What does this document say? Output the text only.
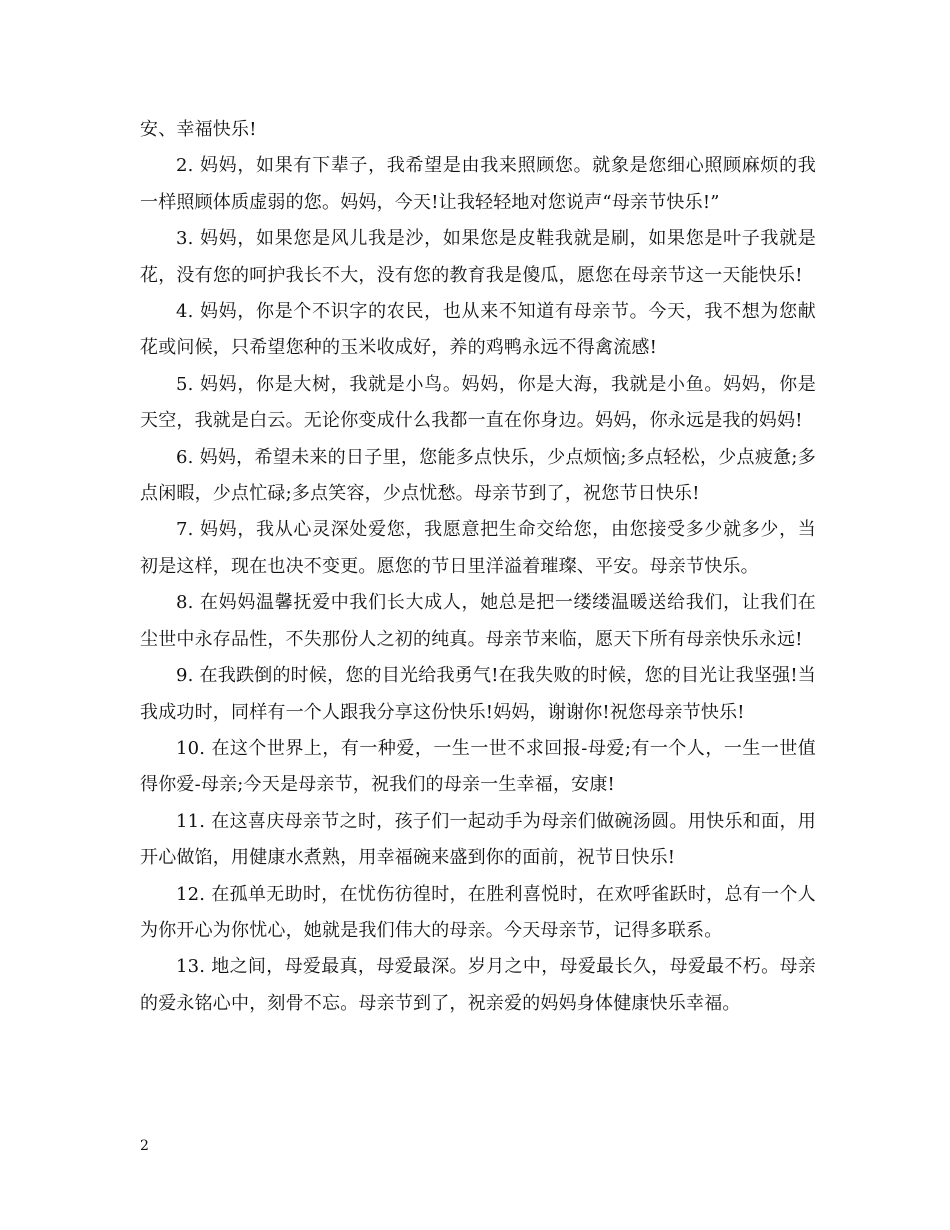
安、幸福快乐!

2. 妈妈，如果有下辈子，我希望是由我来照顾您。就象是您细心照顾麻烦的我一样照顾体质虚弱的您。妈妈，今天!让我轻轻地对您说声“母亲节快乐!”

3. 妈妈，如果您是风儿我是沙，如果您是皮鞋我就是刷，如果您是叶子我就是花，没有您的呵护我长不大，没有您的教育我是傻瓜，愿您在母亲节这一天能快乐!

4. 妈妈，你是个不识字的农民，也从来不知道有母亲节。今天，我不想为您献花或问候，只希望您种的玉米收成好，养的鸡鸭永远不得禽流感!

5. 妈妈，你是大树，我就是小鸟。妈妈，你是大海，我就是小鱼。妈妈，你是天空，我就是白云。无论你变成什么我都一直在你身边。妈妈，你永远是我的妈妈!

6. 妈妈，希望未来的日子里，您能多点快乐，少点烦恼;多点轻松，少点疲惫;多点闲暇，少点忙碌;多点笑容，少点忧愁。母亲节到了，祝您节日快乐!

7. 妈妈，我从心灵深处爱您，我愿意把生命交给您，由您接受多少就多少，当初是这样，现在也决不变更。愿您的节日里洋溢着璀璨、平安。母亲节快乐。

8. 在妈妈温馨抚爱中我们长大成人，她总是把一缕缕温暖送给我们，让我们在尘世中永存品性，不失那份人之初的纯真。母亲节来临，愿天下所有母亲快乐永远!

9. 在我跌倒的时候，您的目光给我勇气!在我失败的时候，您的目光让我坚强!当我成功时，同样有一个人跟我分享这份快乐!妈妈，谢谢你!祝您母亲节快乐!

10. 在这个世界上，有一种爱，一生一世不求回报-母爱;有一个人，一生一世值得你爱-母亲;今天是母亲节，祝我们的母亲一生幸福，安康!

11. 在这喜庆母亲节之时，孩子们一起动手为母亲们做碗汤圆。用快乐和面，用开心做馅，用健康水煮熟，用幸福碗来盛到你的面前，祝节日快乐!

12. 在孤单无助时，在忧伤彷徨时，在胜利喜悦时，在欢呼雀跃时，总有一个人为你开心为你忧心，她就是我们伟大的母亲。今天母亲节，记得多联系。

13. 地之间，母爱最真，母爱最深。岁月之中，母爱最长久，母爱最不朽。母亲的爱永铭心中，刻骨不忘。母亲节到了，祝亲爱的妈妈身体健康快乐幸福。

2
